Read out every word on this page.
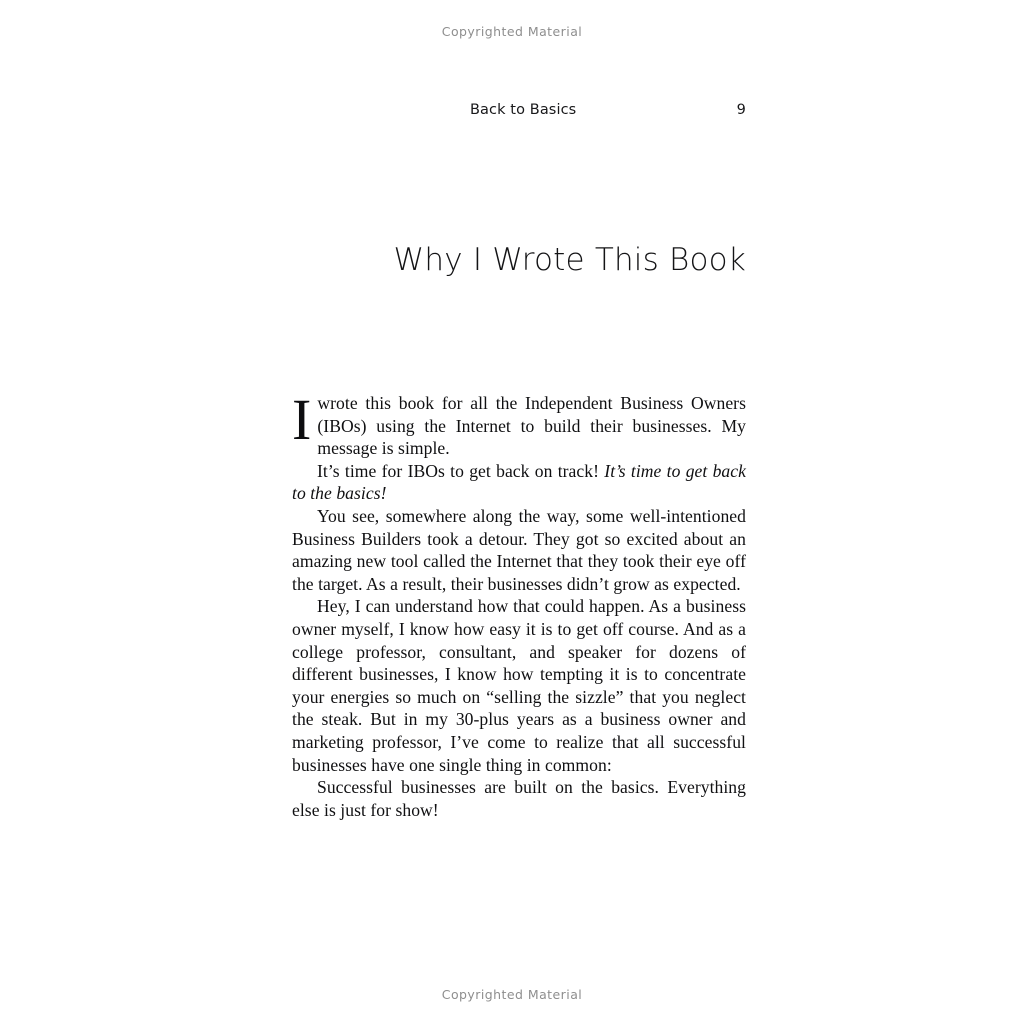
Copyrighted Material
Back to Basics	9
Why I Wrote This Book

Iwrote this book for all the Independent Business Owners (IBOs) using the Internet to build their businesses. My message is simple.

It’s time for IBOs to get back on track! It’s time to get back to the basics!

You see, somewhere along the way, some well-intentioned Business Builders took a detour. They got so excited about an amazing new tool called the Internet that they took their eye off the target. As a result, their businesses didn’t grow as expected.

Hey, I can understand how that could happen. As a business owner myself, I know how easy it is to get off course. And as a college professor, consultant, and speaker for dozens of different businesses, I know how tempting it is to concentrate your energies so much on “selling the sizzle” that you neglect the steak. But in my 30-plus years as a business owner and marketing professor, I’ve come to realize that all successful businesses have one single thing in common:

Successful businesses are built on the basics. Everything else is just for show!

Copyrighted Material
